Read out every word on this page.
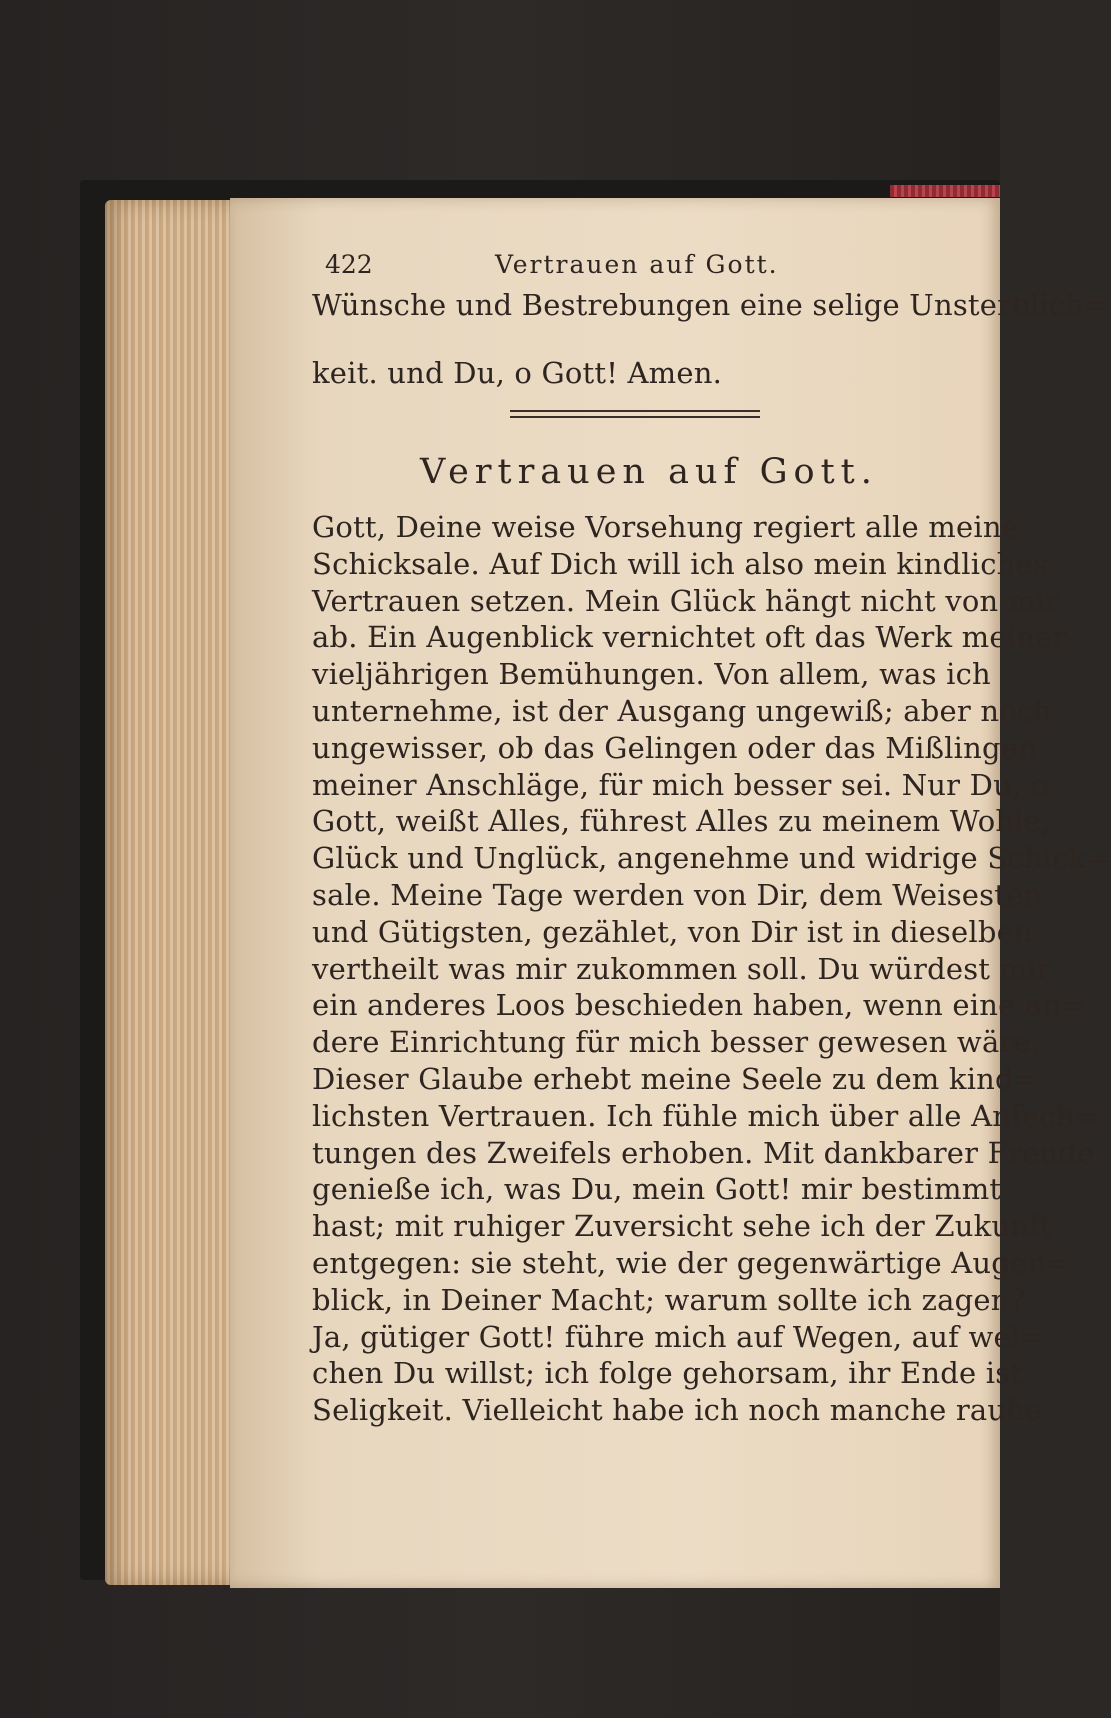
422	Vertrauen auf Gott.
Wünsche und Bestrebungen eine selige Unsterblich=
keit. und Du, o Gott! Amen.
Vertrauen auf Gott.
Gott, Deine weise Vorsehung regiert alle meine
Schicksale. Auf Dich will ich also mein kindliches
Vertrauen setzen. Mein Glück hängt nicht von mir
ab. Ein Augenblick vernichtet oft das Werk meiner
vieljährigen Bemühungen. Von allem, was ich
unternehme, ist der Ausgang ungewiß; aber noch
ungewisser, ob das Gelingen oder das Mißlingen
meiner Anschläge, für mich besser sei. Nur Du, o
Gott, weißt Alles, führest Alles zu meinem Wohle,
Glück und Unglück, angenehme und widrige Schick=
sale. Meine Tage werden von Dir, dem Weisesten
und Gütigsten, gezählet, von Dir ist in dieselben
vertheilt was mir zukommen soll. Du würdest mir
ein anderes Loos beschieden haben, wenn eine an=
dere Einrichtung für mich besser gewesen wäre.
Dieser Glaube erhebt meine Seele zu dem kind=
lichsten Vertrauen. Ich fühle mich über alle Anfech=
tungen des Zweifels erhoben. Mit dankbarer Freude
genieße ich, was Du, mein Gott! mir bestimmt
hast; mit ruhiger Zuversicht sehe ich der Zukunft
entgegen: sie steht, wie der gegenwärtige Augen=
blick, in Deiner Macht; warum sollte ich zagen?
Ja, gütiger Gott! führe mich auf Wegen, auf wel=
chen Du willst; ich folge gehorsam, ihr Ende ist
Seligkeit. Vielleicht habe ich noch manche rauhe
